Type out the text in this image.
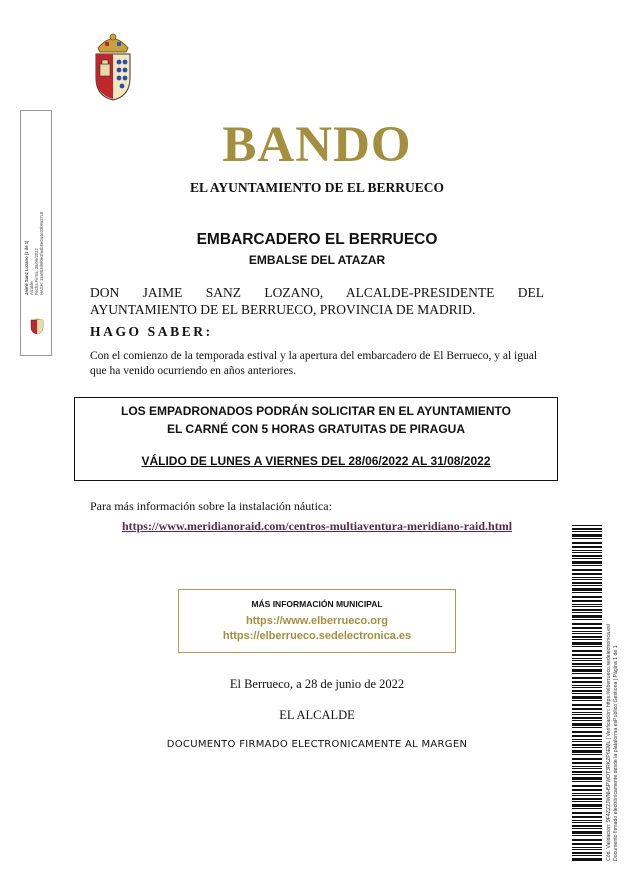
Jaime Sanz Lozano (1 de 1) Alcalde Fecha Firma: 28/06/2022 HASH: 11a0b3d6f0e1fa4b5e0a4e33b9a27c8
BANDO
EL AYUNTAMIENTO DE EL BERRUECO
EMBARCADERO EL BERRUECO
EMBALSE DEL ATAZAR
DON JAIME SANZ LOZANO, ALCALDE-PRESIDENTE DEL AYUNTAMIENTO DE EL BERRUECO, PROVINCIA DE MADRID.
HAGO SABER:
Con el comienzo de la temporada estival y la apertura del embarcadero de El Berrueco, y al igual que ha venido ocurriendo en años anteriores.
LOS EMPADRONADOS PODRÁN SOLICITAR EN EL AYUNTAMIENTO
EL CARNÉ CON 5 HORAS GRATUITAS DE PIRAGUA
VÁLIDO DE LUNES A VIERNES DEL 28/06/2022 AL 31/08/2022
Para más información sobre la instalación náutica:
https://www.meridianoraid.com/centros-multiaventura-meridiano-raid.html
MÁS INFORMACIÓN MUNICIPAL
https://www.elberrueco.org
https://elberrueco.sedelectronica.es
El Berrueco, a 28 de junio de 2022
EL ALCALDE
DOCUMENTO FIRMADO ELECTRONICAMENTE AL MARGEN	Cód. Validación: 9F4ZZ2JWNH5PWDT3RKZP6EML | Verificación: https://elberrueco.sedelectronica.es/ Documento firmado electrónicamente desde la plataforma esPublico Gestiona | Página 1 de 1
